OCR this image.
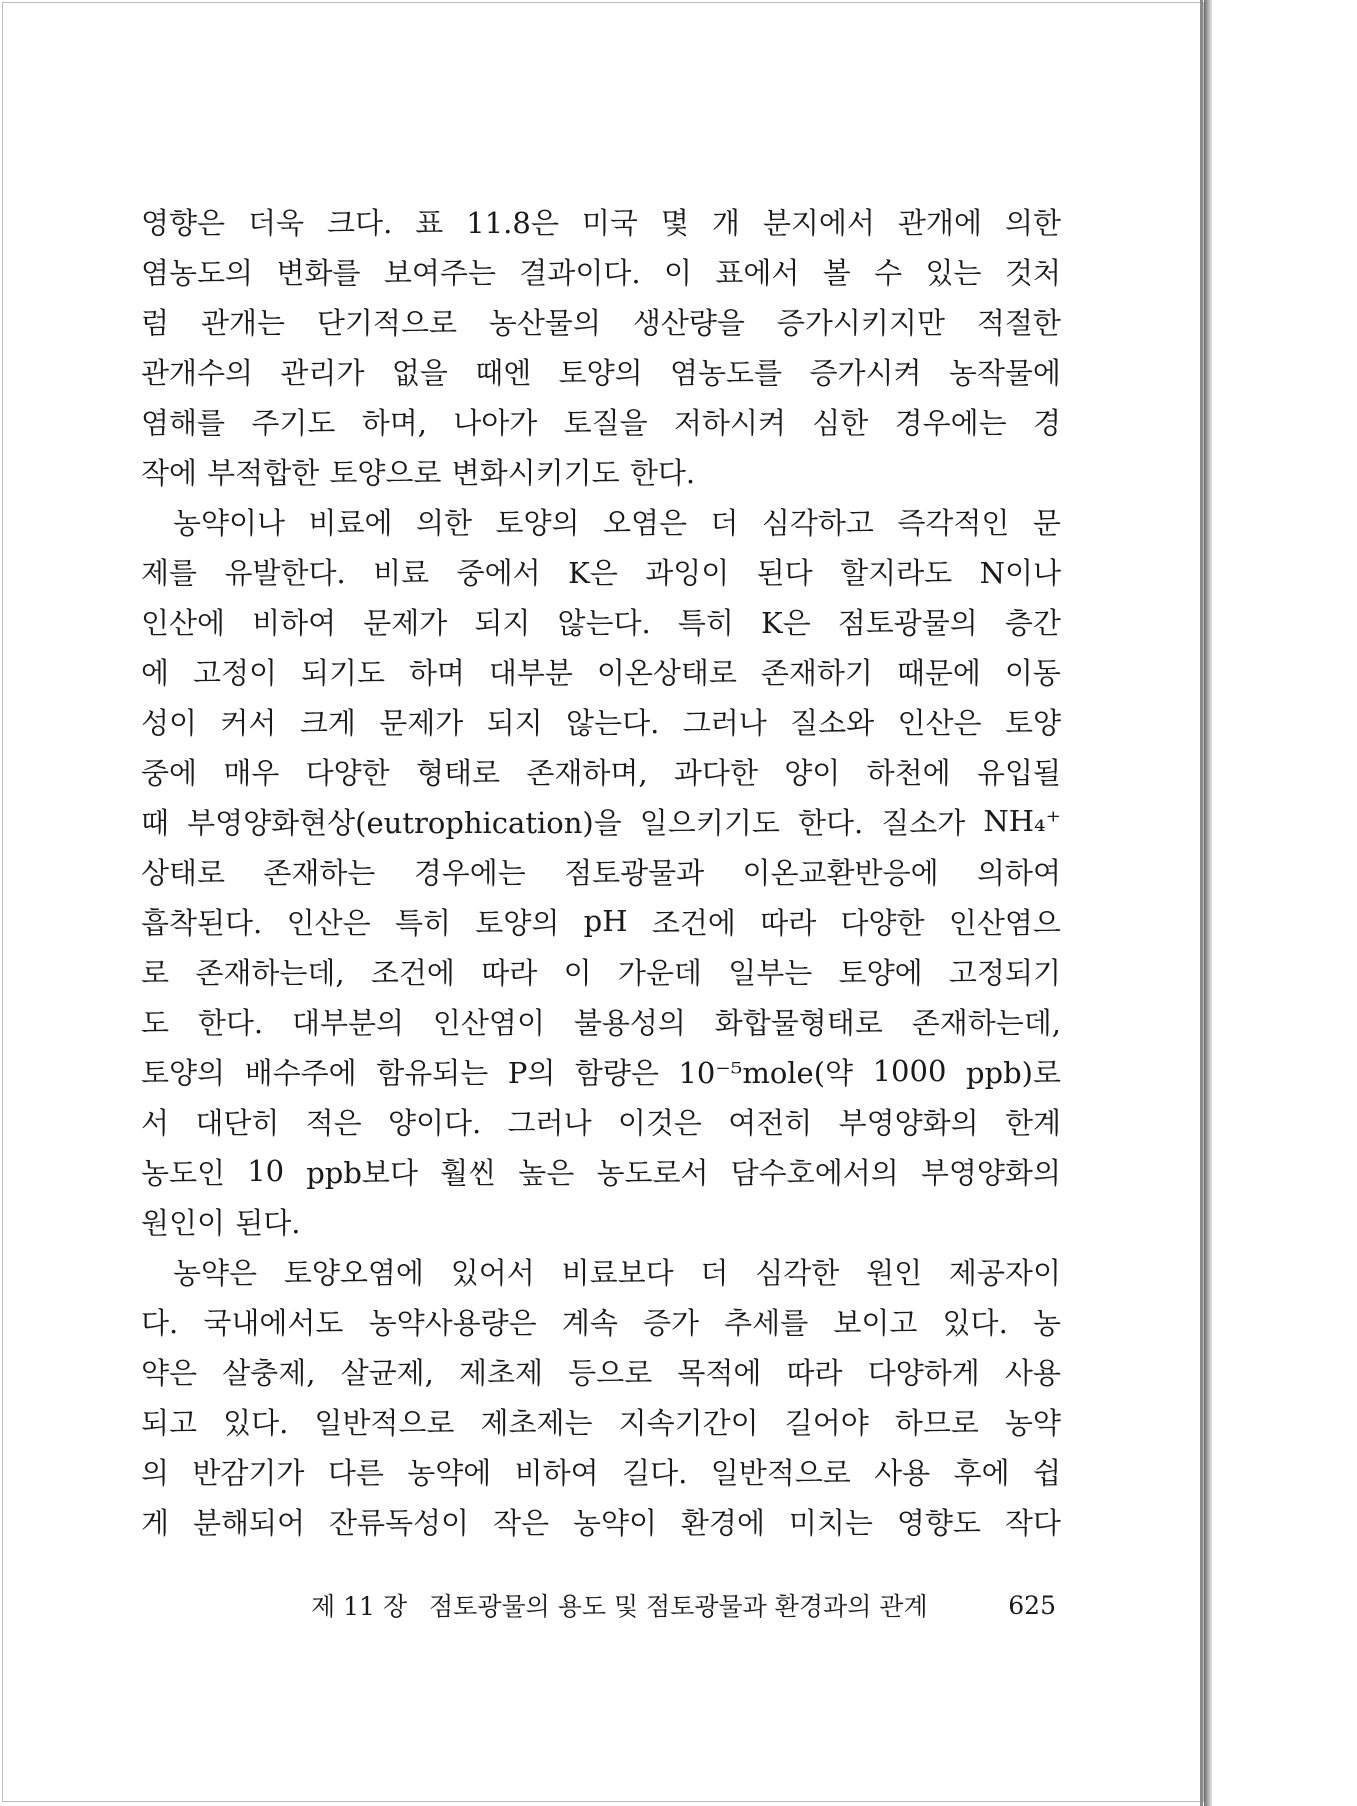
영향은 더욱 크다. 표 11.8은 미국 몇 개 분지에서 관개에 의한
염농도의 변화를 보여주는 결과이다. 이 표에서 볼 수 있는 것처
럼 관개는 단기적으로 농산물의 생산량을 증가시키지만 적절한
관개수의 관리가 없을 때엔 토양의 염농도를 증가시켜 농작물에
염해를 주기도 하며, 나아가 토질을 저하시켜 심한 경우에는 경
작에 부적합한 토양으로 변화시키기도 한다.
농약이나 비료에 의한 토양의 오염은 더 심각하고 즉각적인 문
제를 유발한다. 비료 중에서 K은 과잉이 된다 할지라도 N이나
인산에 비하여 문제가 되지 않는다. 특히 K은 점토광물의 층간
에 고정이 되기도 하며 대부분 이온상태로 존재하기 때문에 이동
성이 커서 크게 문제가 되지 않는다. 그러나 질소와 인산은 토양
중에 매우 다양한 형태로 존재하며, 과다한 양이 하천에 유입될
때 부영양화현상(eutrophication)을 일으키기도 한다. 질소가 NH₄⁺
상태로 존재하는 경우에는 점토광물과 이온교환반응에 의하여
흡착된다. 인산은 특히 토양의 pH 조건에 따라 다양한 인산염으
로 존재하는데, 조건에 따라 이 가운데 일부는 토양에 고정되기
도 한다. 대부분의 인산염이 불용성의 화합물형태로 존재하는데,
토양의 배수주에 함유되는 P의 함량은 10⁻⁵mole(약 1000 ppb)로
서 대단히 적은 양이다. 그러나 이것은 여전히 부영양화의 한계
농도인 10 ppb보다 훨씬 높은 농도로서 담수호에서의 부영양화의
원인이 된다.
농약은 토양오염에 있어서 비료보다 더 심각한 원인 제공자이
다. 국내에서도 농약사용량은 계속 증가 추세를 보이고 있다. 농
약은 살충제, 살균제, 제초제 등으로 목적에 따라 다양하게 사용
되고 있다. 일반적으로 제초제는 지속기간이 길어야 하므로 농약
의 반감기가 다른 농약에 비하여 길다. 일반적으로 사용 후에 쉽
게 분해되어 잔류독성이 작은 농약이 환경에 미치는 영향도 작다
제 11 장 점토광물의 용도 및 점토광물과 환경과의 관계	625
